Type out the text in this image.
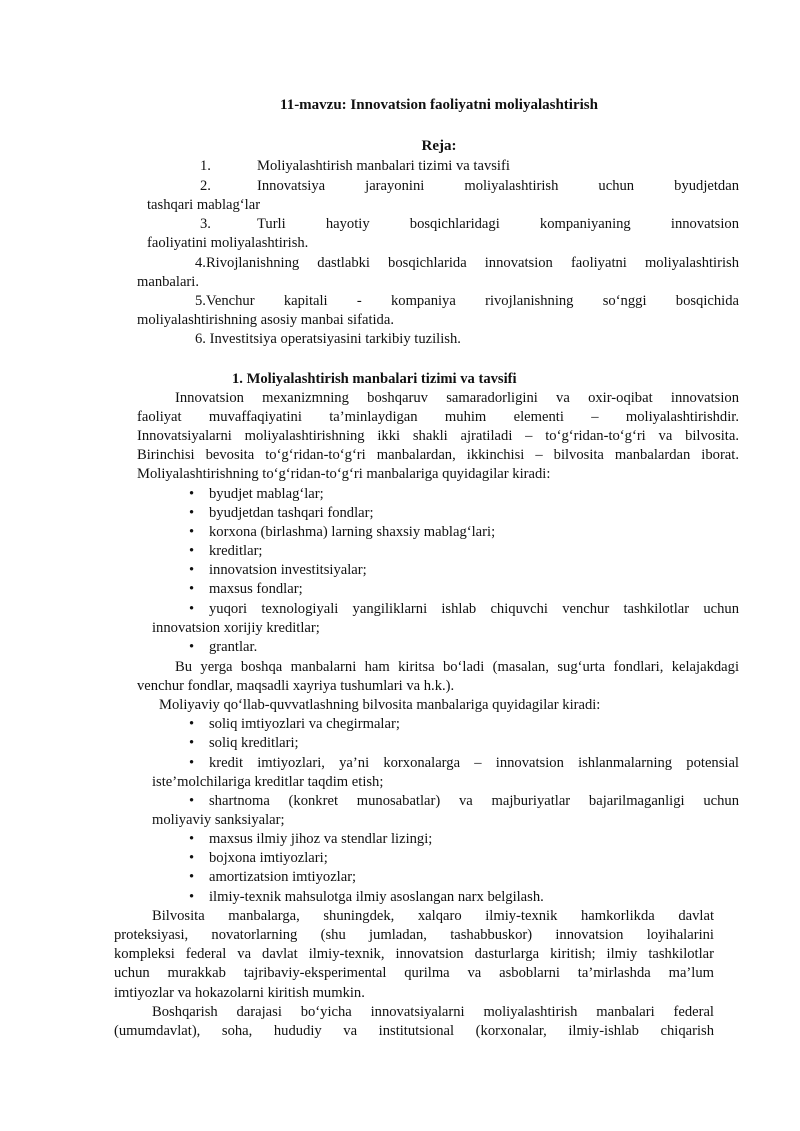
11-mavzu: Innovatsion faoliyatni moliyalashtirish
Reja:
1.	Moliyalashtirish manbalari tizimi va tavsifi
2.	Innovatsiya jarayonini moliyalashtirish uchun byudjetdan
tashqari mablag‘lar
3.	Turli hayotiy bosqichlaridagi kompaniyaning innovatsion
faoliyatini moliyalashtirish.
4.Rivojlanishning dastlabki bosqichlarida innovatsion faoliyatni moliyalashtirish
manbalari.
5.Venchur kapitali - kompaniya rivojlanishning so‘nggi bosqichida
moliyalashtirishning asosiy manbai sifatida.
6. Investitsiya operatsiyasini tarkibiy tuzilish.
1. Moliyalashtirish manbalari tizimi va tavsifi
Innovatsion mexanizmning boshqaruv samaradorligini va oxir-oqibat innovatsion
faoliyat muvaffaqiyatini ta’minlaydigan muhim elementi – moliyalashtirishdir.
Innovatsiyalarni moliyalashtirishning ikki shakli ajratiladi – to‘g‘ridan-to‘g‘ri va bilvosita.
Birinchisi bevosita to‘g‘ridan-to‘g‘ri manbalardan, ikkinchisi – bilvosita manbalardan iborat.
Moliyalashtirishning to‘g‘ridan-to‘g‘ri manbalariga quyidagilar kiradi:
• byudjet mablag‘lar;
• byudjetdan tashqari fondlar;
• korxona (birlashma) larning shaxsiy mablag‘lari;
• kreditlar;
• innovatsion investitsiyalar;
• maxsus fondlar;
• yuqori texnologiyali yangiliklarni ishlab chiquvchi venchur tashkilotlar uchun
innovatsion xorijiy kreditlar;
• grantlar.
Bu yerga boshqa manbalarni ham kiritsa bo‘ladi (masalan, sug‘urta fondlari, kelajakdagi
venchur fondlar, maqsadli xayriya tushumlari va h.k.).
Moliyaviy qo‘llab-quvvatlashning bilvosita manbalariga quyidagilar kiradi:
• soliq imtiyozlari va chegirmalar;
• soliq kreditlari;
• kredit imtiyozlari, ya’ni korxonalarga – innovatsion ishlanmalarning potensial
iste’molchilariga kreditlar taqdim etish;
• shartnoma (konkret munosabatlar) va majburiyatlar bajarilmaganligi uchun
moliyaviy sanksiyalar;
• maxsus ilmiy jihoz va stendlar lizingi;
• bojxona imtiyozlari;
• amortizatsion imtiyozlar;
• ilmiy-texnik mahsulotga ilmiy asoslangan narx belgilash.
Bilvosita manbalarga, shuningdek, xalqaro ilmiy-texnik hamkorlikda davlat
proteksiyasi, novatorlarning (shu jumladan, tashabbuskor) innovatsion loyihalarini
kompleksi federal va davlat ilmiy-texnik, innovatsion dasturlarga kiritish; ilmiy tashkilotlar
uchun murakkab tajribaviy-eksperimental qurilma va asboblarni ta’mirlashda ma’lum
imtiyozlar va hokazolarni kiritish mumkin.
Boshqarish darajasi bo‘yicha innovatsiyalarni moliyalashtirish manbalari federal
(umumdavlat), soha, hududiy va institutsional (korxonalar, ilmiy-ishlab chiqarish
